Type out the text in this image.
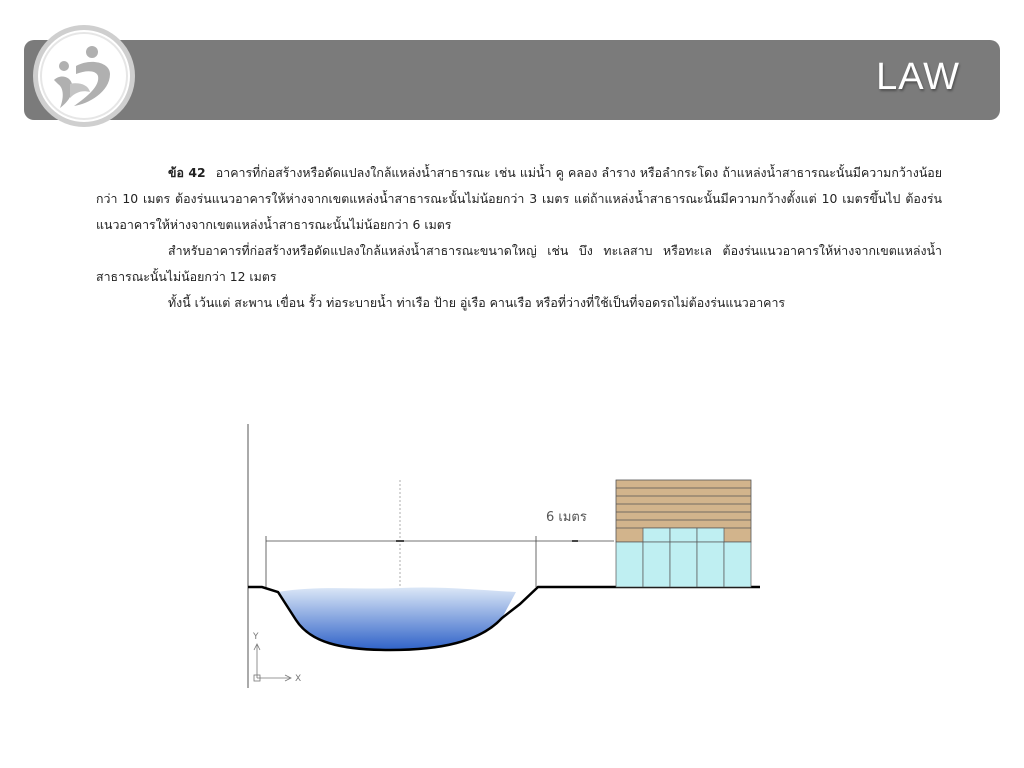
LAW

ข้อ 42 อาคารที่ก่อสร้างหรือดัดแปลงใกล้แหล่งน้ำสาธารณะ เช่น แม่น้ำ คู คลอง ลำราง หรือลำกระโดง ถ้าแหล่งน้ำสาธารณะนั้นมีความกว้างน้อยกว่า 10 เมตร ต้องร่นแนวอาคารให้ห่างจากเขตแหล่งน้ำสาธารณะนั้นไม่น้อยกว่า 3 เมตร แต่ถ้าแหล่งน้ำสาธารณะนั้นมีความกว้างตั้งแต่ 10 เมตรขึ้นไป ต้องร่นแนวอาคารให้ห่างจากเขตแหล่งน้ำสาธารณะนั้นไม่น้อยกว่า 6 เมตร

สำหรับอาคารที่ก่อสร้างหรือดัดแปลงใกล้แหล่งน้ำสาธารณะขนาดใหญ่ เช่น บึง ทะเลสาบ หรือทะเล ต้องร่นแนวอาคารให้ห่างจากเขตแหล่งน้ำสาธารณะนั้นไม่น้อยกว่า 12 เมตร

ทั้งนี้ เว้นแต่ สะพาน เขื่อน รั้ว ท่อระบายน้ำ ท่าเรือ ป้าย อู่เรือ คานเรือ หรือที่ว่างที่ใช้เป็นที่จอดรถไม่ต้องร่นแนวอาคาร

6 เมตร
Y
X
